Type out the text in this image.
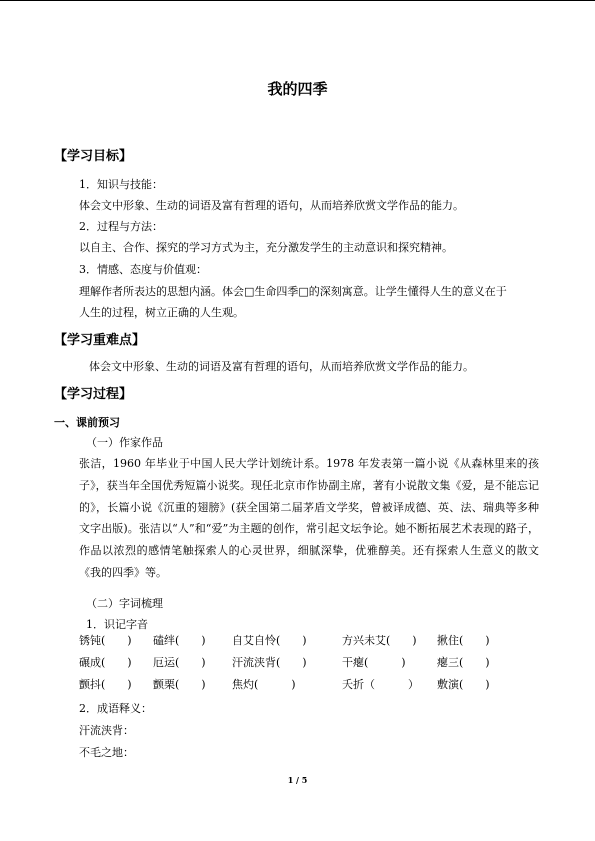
我的四季
【学习目标】
1．知识与技能：
体会文中形象、生动的词语及富有哲理的语句，从而培养欣赏文学作品的能力。
2．过程与方法：
以自主、合作、探究的学习方式为主，充分激发学生的主动意识和探究精神。
3．情感、态度与价值观：
理解作者所表达的思想内涵。体会□生命四季□的深刻寓意。让学生懂得人生的意义在于
人生的过程，树立正确的人生观。
【学习重难点】
体会文中形象、生动的词语及富有哲理的语句，从而培养欣赏文学作品的能力。
【学习过程】
一、课前预习
（一）作家作品
张洁，1960 年毕业于中国人民大学计划统计系。1978 年发表第一篇小说《从森林里来的孩子》，获当年全国优秀短篇小说奖。现任北京市作协副主席，著有小说散文集《爱，是不能忘记的》，长篇小说《沉重的翅膀》(获全国第二届茅盾文学奖，曾被译成德、英、法、瑞典等多种文字出版)。张洁以“人”和“爱”为主题的创作，常引起文坛争论。她不断拓展艺术表现的路子，作品以浓烈的感情笔触探索人的心灵世界，细腻深挚，优雅醇美。还有探索人生意义的散文《我的四季》等。
（二）字词梳理
1．识记字音
锈钝(　　) 磕绊(　　) 自艾自怜(　　)	方兴未艾(　　) 揪住(　　)
碾成(　　) 厄运(　　) 汗流浃背(　　)	干瘪(　　　)	瘪三(　　)
颤抖(　　) 颤栗(　　) 焦灼(　　　)	夭折（　　　） 敷演(　　)
2．成语释义：
汗流浃背：
不毛之地：
1 / 5
